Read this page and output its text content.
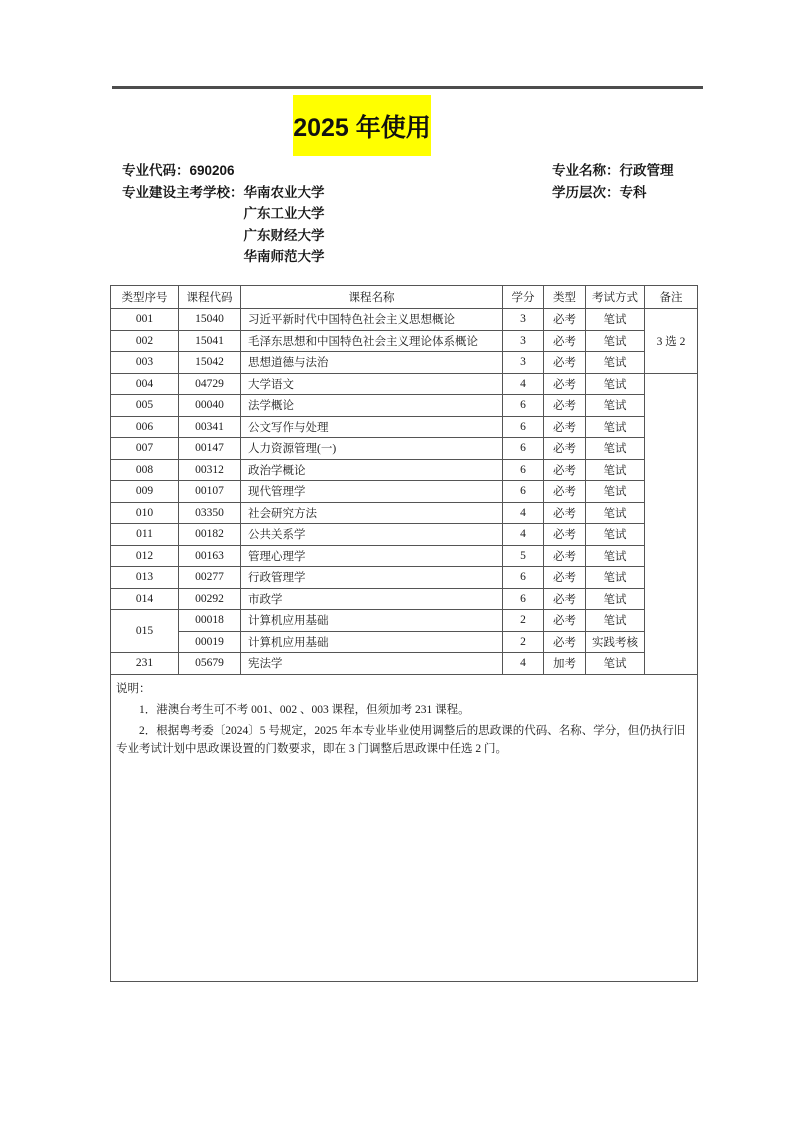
2025 年使用
专业代码：690206
专业建设主考学校： 华南农业大学
广东工业大学
广东财经大学
华南师范大学
专业名称：行政管理
学历层次：专科
类型序号	课程代码	课程名称	学分	类型	考试方式	备注
001	15040	习近平新时代中国特色社会主义思想概论	3	必考	笔试	3 选 2
002	15041	毛泽东思想和中国特色社会主义理论体系概论	3	必考	笔试	
003	15042	思想道德与法治	3	必考	笔试	
004	04729	大学语文	4	必考	笔试	
005	00040	法学概论	6	必考	笔试	
006	00341	公文写作与处理	6	必考	笔试	
007	00147	人力资源管理(一)	6	必考	笔试	
008	00312	政治学概论	6	必考	笔试	
009	00107	现代管理学	6	必考	笔试	
010	03350	社会研究方法	4	必考	笔试	
011	00182	公共关系学	4	必考	笔试	
012	00163	管理心理学	5	必考	笔试	
013	00277	行政管理学	6	必考	笔试	
014	00292	市政学	6	必考	笔试	
015	00018	计算机应用基础	2	必考	笔试	
	00019	计算机应用基础	2	必考	实践考核	
231	05679	宪法学	4	加考	笔试	

说明：

1．港澳台考生可不考 001、002 、003 课程，但须加考 231 课程。

2．根据粤考委〔2024〕5 号规定，2025 年本专业毕业使用调整后的思政课的代码、名称、学分，但仍执行旧专业考试计划中思政课设置的门数要求，即在 3 门调整后思政课中任选 2 门。						
